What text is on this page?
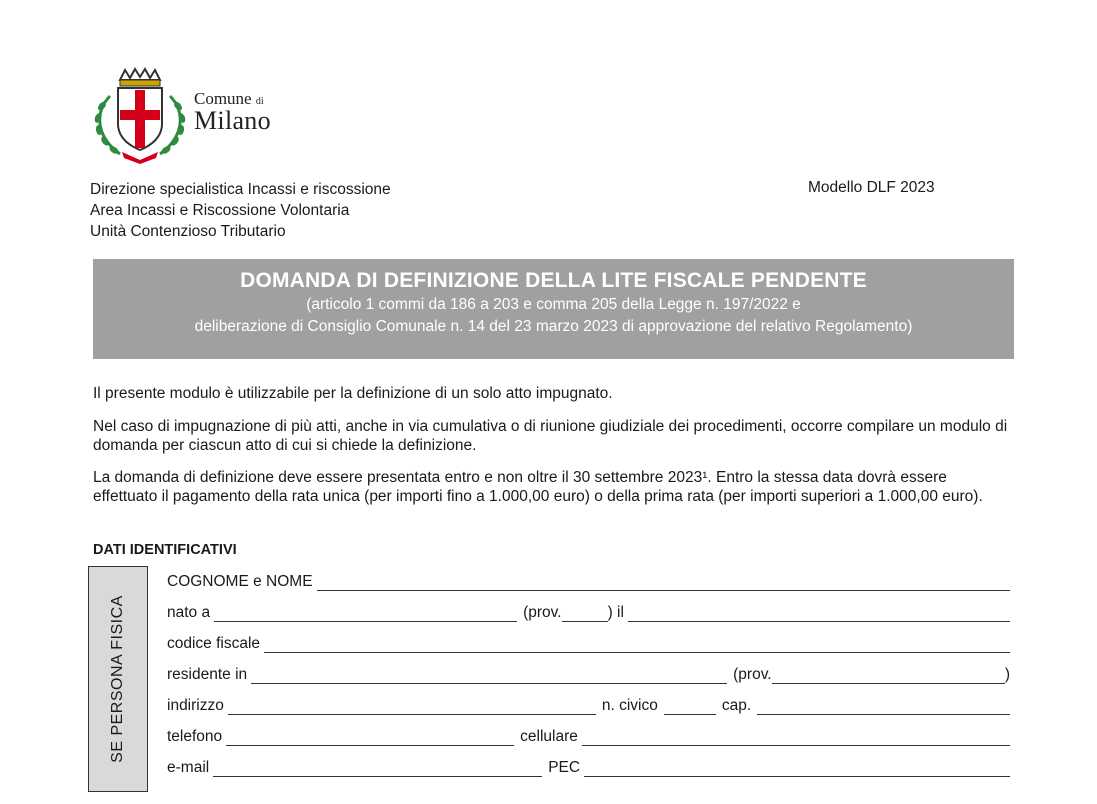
Comune di
Milano
Direzione specialistica Incassi e riscossione
Area Incassi e Riscossione Volontaria
Unità Contenzioso Tributario
Modello DLF 2023
DOMANDA DI DEFINIZIONE DELLA LITE FISCALE PENDENTE
(articolo 1 commi da 186 a 203 e comma 205 della Legge n. 197/2022 e
deliberazione di Consiglio Comunale n. 14 del 23 marzo 2023 di approvazione del relativo Regolamento)
Il presente modulo è utilizzabile per la definizione di un solo atto impugnato.
Nel caso di impugnazione di più atti, anche in via cumulativa o di riunione giudiziale dei procedimenti, occorre compilare un modulo di domanda per ciascun atto di cui si chiede la definizione.
La domanda di definizione deve essere presentata entro e non oltre il 30 settembre 2023¹. Entro la stessa data dovrà essere effettuato il pagamento della rata unica (per importi fino a 1.000,00 euro) o della prima rata (per importi superiori a 1.000,00 euro).
DATI IDENTIFICATIVI
SE PERSONA FISICA
COGNOME e NOME
nato a	(prov.	) il
codice fiscale
residente in	(prov.	)
indirizzo	n. civico	cap.
telefono	cellulare
e-mail	PEC
